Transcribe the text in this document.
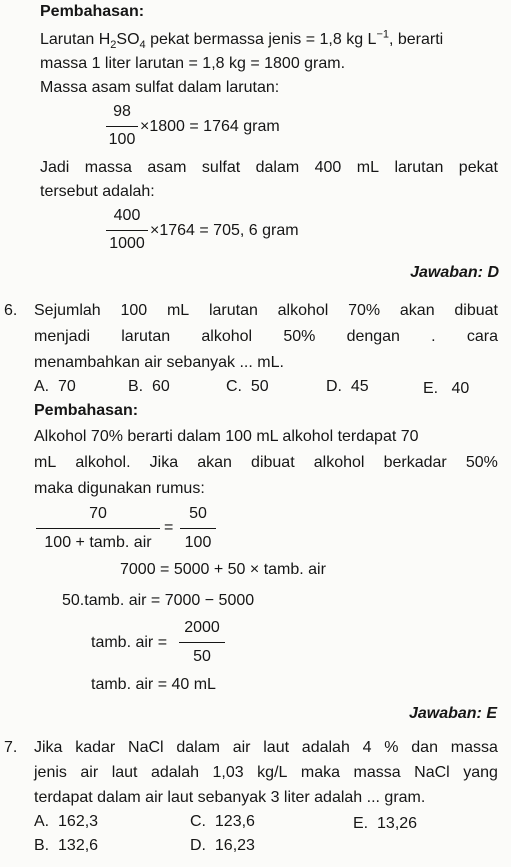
Pembahasan:
Larutan $H_2SO_4$ pekat bermassa jenis = 1,8 kg $L^{-1}$, berarti
massa 1 liter larutan = 1,8 kg = 1800 gram.
Massa asam sulfat dalam larutan:
98
100
×1800 = 1764 gram
Jadi massa asam sulfat dalam 400 mL larutan pekat
tersebut adalah:
400
1000
×1764 = 705, 6 gram
Jawaban: D
6. Sejumlah 100 mL larutan alkohol 70% akan dibuat
menjadi larutan alkohol 50% dengan . cara
menambahkan air sebanyak ... mL.
A. 70	B. 60	C. 50	D. 45	E. 40
Pembahasan:
Alkohol 70% berarti dalam 100 mL alkohol terdapat 70
mL alkohol. Jika akan dibuat alkohol berkadar 50%
maka digunakan rumus:
70
100 + tamb. air
=
50
100
7000 = 5000 + 50 × tamb. air
50.tamb. air = 7000 − 5000
tamb. air =
2000
50
tamb. air = 40 mL
Jawaban: E
7. Jika kadar NaCl dalam air laut adalah 4 % dan massa
jenis air laut adalah 1,03 kg/L maka massa NaCl yang
terdapat dalam air laut sebanyak 3 liter adalah ... gram.
A. 162,3
B. 132,6
C. 123,6
D. 16,23
E. 13,26
